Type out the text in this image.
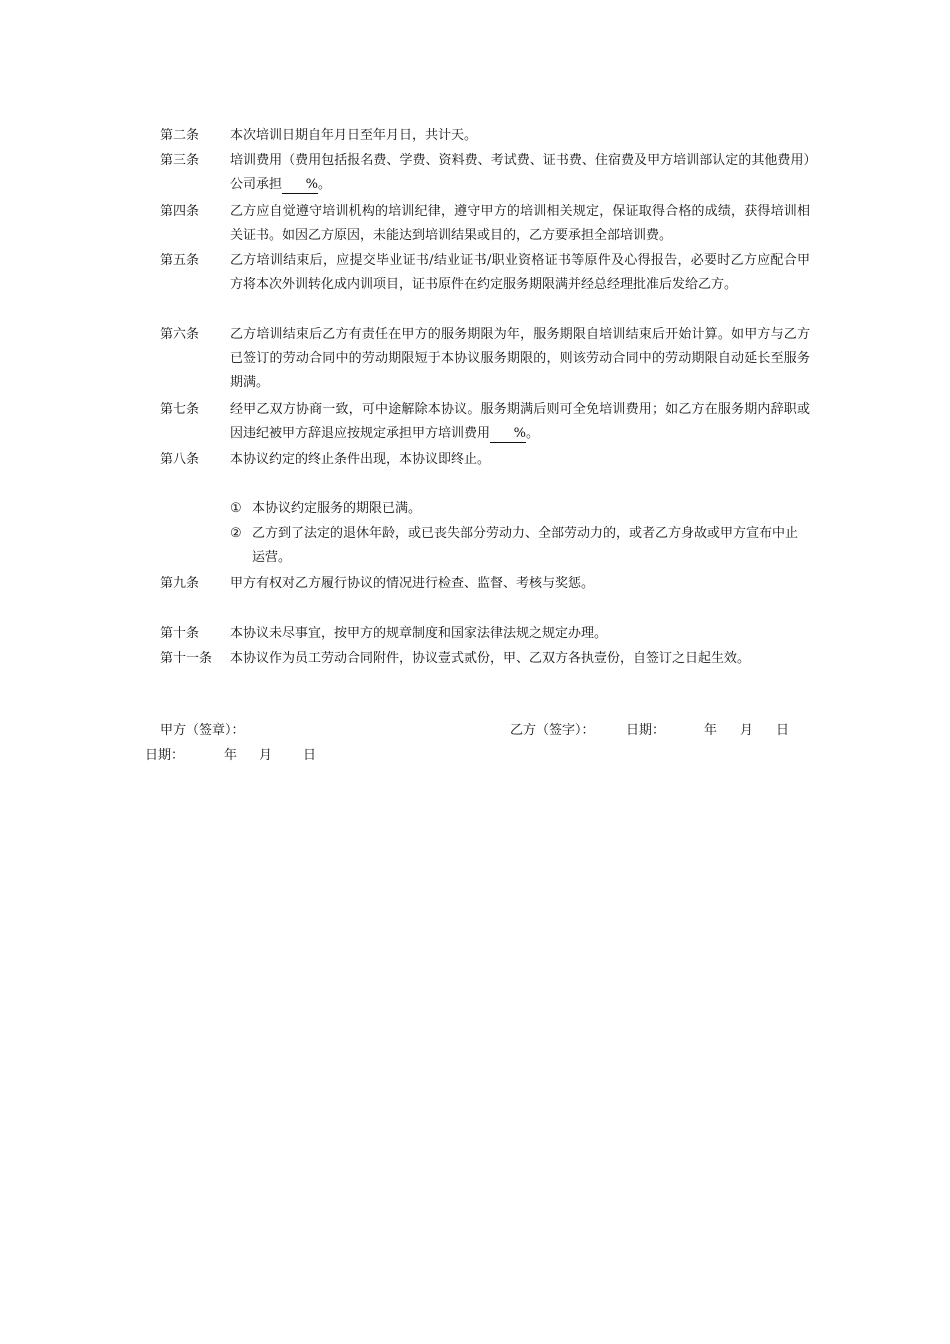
第二条 本次培训日期自年月日至年月日，共计天。
第三条 培训费用（费用包括报名费、学费、资料费、考试费、证书费、住宿费及甲方培训部认定的其他费用）公司承担 %。
第四条 乙方应自觉遵守培训机构的培训纪律，遵守甲方的培训相关规定，保证取得合格的成绩，获得培训相关证书。如因乙方原因，未能达到培训结果或目的，乙方要承担全部培训费。
第五条 乙方培训结束后，应提交毕业证书/结业证书/职业资格证书等原件及心得报告，必要时乙方应配合甲方将本次外训转化成内训项目，证书原件在约定服务期限满并经总经理批准后发给乙方。
第六条 乙方培训结束后乙方有责任在甲方的服务期限为年，服务期限自培训结束后开始计算。如甲方与乙方已签订的劳动合同中的劳动期限短于本协议服务期限的，则该劳动合同中的劳动期限自动延长至服务期满。
第七条 经甲乙双方协商一致，可中途解除本协议。服务期满后则可全免培训费用；如乙方在服务期内辞职或因违纪被甲方辞退应按规定承担甲方培训费用 %。
第八条 本协议约定的终止条件出现，本协议即终止。
① 本协议约定服务的期限已满。
② 乙方到了法定的退休年龄，或已丧失部分劳动力、全部劳动力的，或者乙方身故或甲方宣布中止运营。
第九条 甲方有权对乙方履行协议的情况进行检查、监督、考核与奖惩。
第十条 本协议未尽事宜，按甲方的规章制度和国家法律法规之规定办理。
第十一条 本协议作为员工劳动合同附件，协议壹式贰份，甲、乙双方各执壹份，自签订之日起生效。
甲方（签章）：	乙方（签字）： 日期：	年 月 日
日期：	年 月 日
